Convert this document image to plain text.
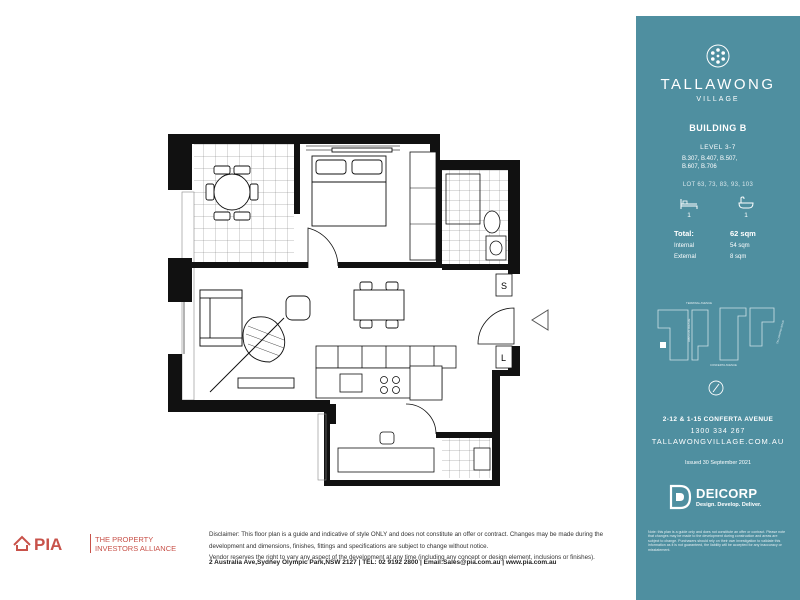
S
L
TALLAWONG
VILLAGE
BUILDING B
LEVEL 3-7
B.307, B.407, B.507,
B.607, B.706
LOT 63, 73, 83, 93, 103
1	1
Total:	62 sqm
Internal	54 sqm
External	8 sqm
TERMINAL AVENUE
HIBISCUS AVENUE
CONFERTA AVENUE
TALLAWONG ROAD
2-12 & 1-15 CONFERTA AVENUE
1300 334 267
TALLAWONGVILLAGE.COM.AU
Issued 30 September 2021
DEICORP
Design. Develop. Deliver.
Note: this plan is a guide only and does not constitute an offer or contract. Please note that changes may be made to the development during construction and areas are subject to change. Purchasers should rely on their own investigation to validate this information as it is not guaranteed, the liability will be accepted for any inaccuracy or misstatement.
PIA	THE PROPERTY
INVESTORS ALLIANCE
Disclaimer: This floor plan is a guide and indicative of style ONLY and does not constitute an offer or contract. Changes may be made during the development and dimensions, finishes, fittings and specifications are subject to change without notice.
Vendor reserves the right to vary any aspect of the development at any time (including any concept or design element, inclusions or finishes).
2 Australia Ave,Sydney Olympic Park,NSW 2127 | TEL: 02 9192 2800 | Email:Sales@pia.com.au | www.pia.com.au
